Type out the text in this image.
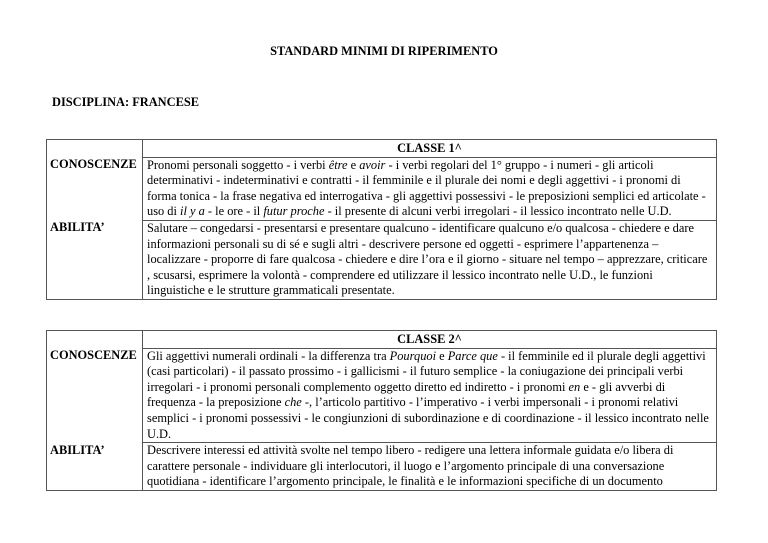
STANDARD MINIMI DI RIPERIMENTO
DISCIPLINA: FRANCESE
	CLASSE 1^
CONOSCENZE	Pronomi personali soggetto - i verbi être e avoir - i verbi regolari del 1° gruppo - i numeri - gli articoli determinativi - indeterminativi e contratti - il femminile e il plurale dei nomi e degli aggettivi - i pronomi di forma tonica - la frase negativa ed interrogativa - gli aggettivi possessivi - le preposizioni semplici ed articolate - uso di il y a - le ore - il futur proche - il presente di alcuni verbi irregolari - il lessico incontrato nelle U.D.
ABILITA’	Salutare – congedarsi - presentarsi e presentare qualcuno - identificare qualcuno e/o qualcosa - chiedere e dare informazioni personali su di sé e sugli altri - descrivere persone ed oggetti - esprimere l’appartenenza – localizzare - proporre di fare qualcosa - chiedere e dire l’ora e il giorno - situare nel tempo – apprezzare, criticare , scusarsi, esprimere la volontà - comprendere ed utilizzare il lessico incontrato nelle U.D., le funzioni linguistiche e le strutture grammaticali presentate.
	CLASSE 2^
CONOSCENZE	Gli aggettivi numerali ordinali - la differenza tra Pourquoi e Parce que - il femminile ed il plurale degli aggettivi (casi particolari) - il passato prossimo - i gallicismi - il futuro semplice - la coniugazione dei principali verbi irregolari - i pronomi personali complemento oggetto diretto ed indiretto - i pronomi en e - gli avverbi di frequenza - la preposizione che -, l’articolo partitivo - l’imperativo - i verbi impersonali - i pronomi relativi semplici - i pronomi possessivi - le congiunzioni di subordinazione e di coordinazione - il lessico incontrato nelle U.D.
ABILITA’	Descrivere interessi ed attività svolte nel tempo libero - redigere una lettera informale guidata e/o libera di carattere personale - individuare gli interlocutori, il luogo e l’argomento principale di una conversazione quotidiana - identificare l’argomento principale, le finalità e le informazioni specifiche di un documento
